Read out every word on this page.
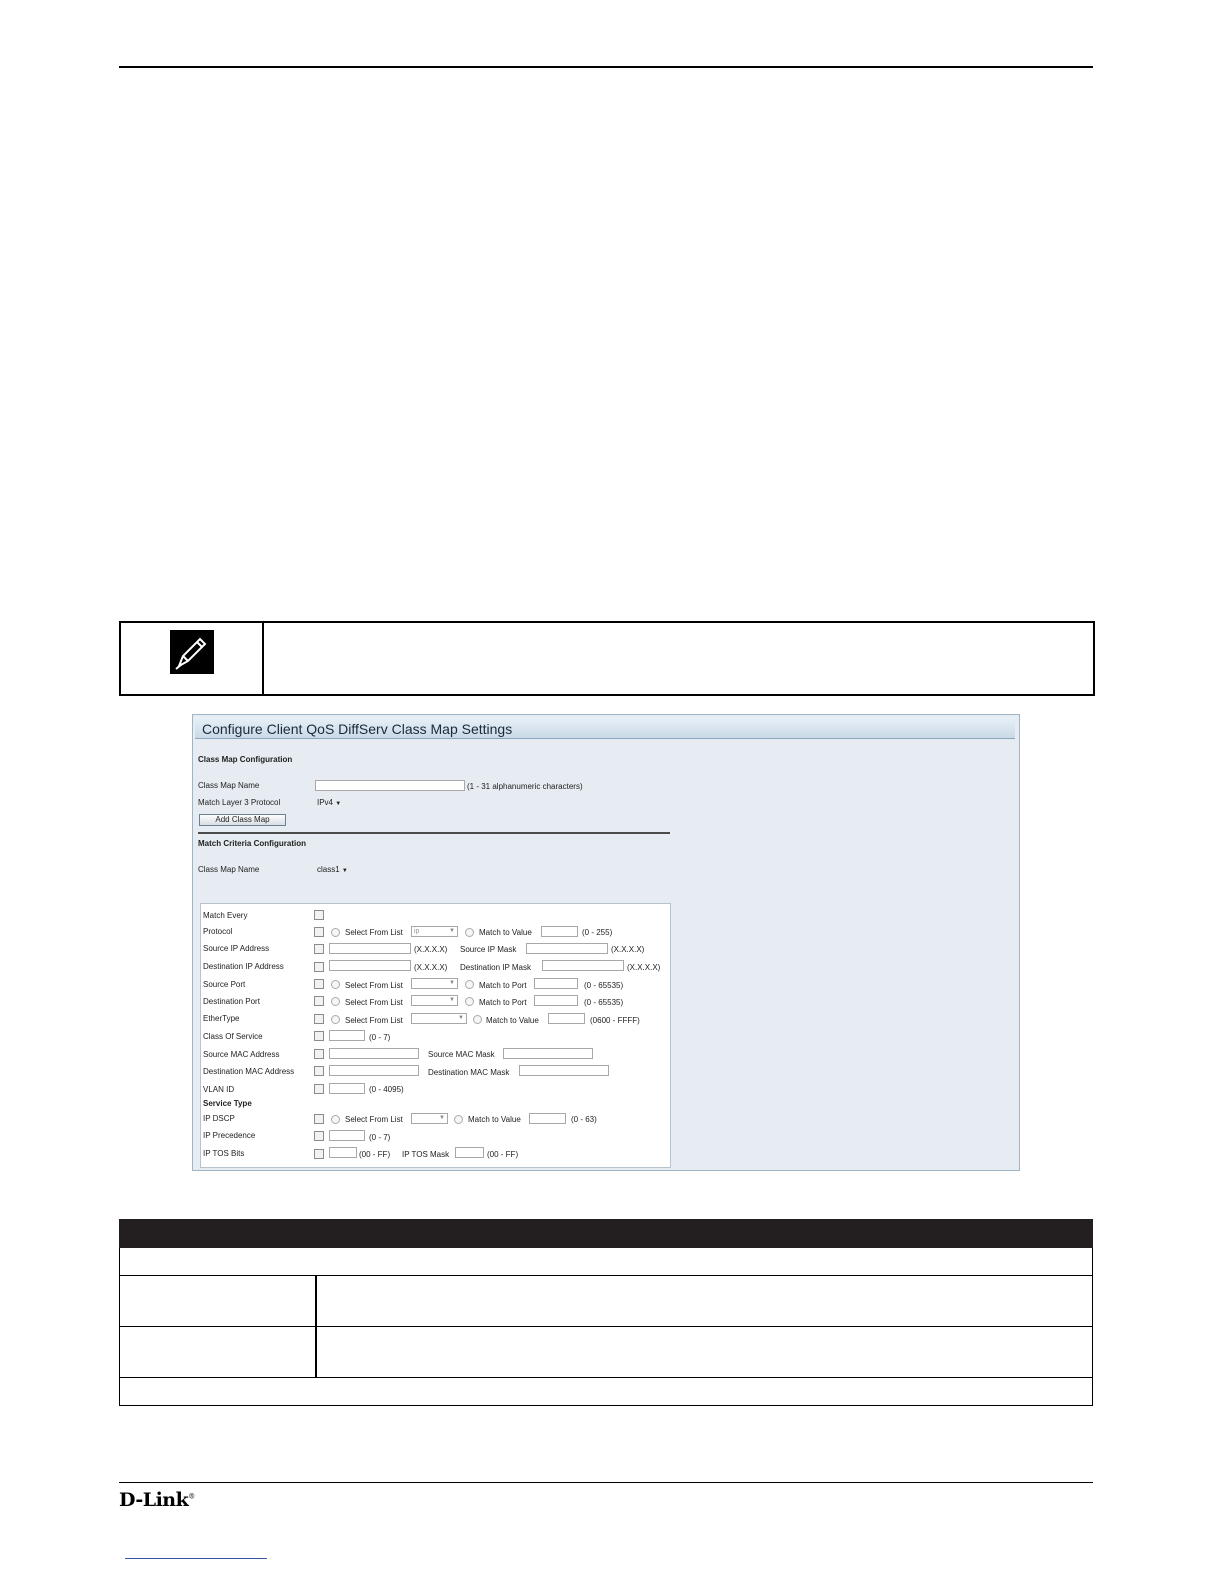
Configure Client QoS DiffServ Class Map Settings
Class Map Configuration
Class Map Name	(1 - 31 alphanumeric characters)
Match Layer 3 Protocol	IPv4 ▼
Add Class Map
Match Criteria Configuration
Class Map Name	class1 ▼
Match Every
Protocol	Select From List	ip	▼	Match to Value	(0 - 255)
Source IP Address	(X.X.X.X) Source IP Mask	(X.X.X.X)
Destination IP Address	(X.X.X.X) Destination IP Mask	(X.X.X.X)
Source Port	Select From List	▼	Match to Port	(0 - 65535)
Destination Port	Select From List	▼	Match to Port	(0 - 65535)
EtherType	Select From List	▼	Match to Value	(0600 - FFFF)
Class Of Service	(0 - 7)
Source MAC Address	Source MAC Mask
Destination MAC Address	Destination MAC Mask
VLAN ID	(0 - 4095)
Service Type
IP DSCP	Select From List	▼	Match to Value	(0 - 63)
IP Precedence	(0 - 7)
IP TOS Bits	(00 - FF) IP TOS Mask	(00 - FF)
D-Link®
